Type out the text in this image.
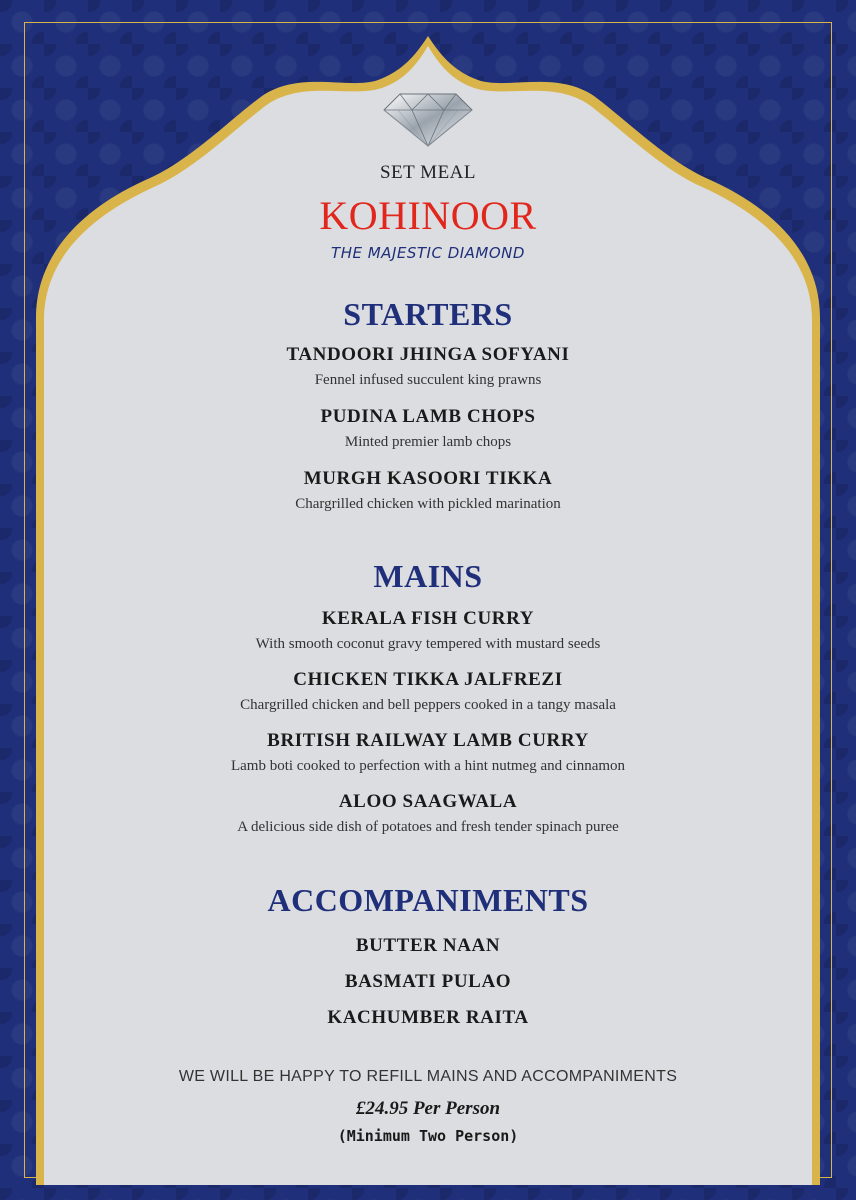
SET MEAL
KOHINOOR
THE MAJESTIC DIAMOND
STARTERS
TANDOORI JHINGA SOFYANI
Fennel infused succulent king prawns
PUDINA LAMB CHOPS
Minted premier lamb chops
MURGH KASOORI TIKKA
Chargrilled chicken with pickled marination
MAINS
KERALA FISH CURRY
With smooth coconut gravy tempered with mustard seeds
CHICKEN TIKKA JALFREZI
Chargrilled chicken and bell peppers cooked in a tangy masala
BRITISH RAILWAY LAMB CURRY
Lamb boti cooked to perfection with a hint nutmeg and cinnamon
ALOO SAAGWALA
A delicious side dish of potatoes and fresh tender spinach puree
ACCOMPANIMENTS
BUTTER NAAN
BASMATI PULAO
KACHUMBER RAITA
WE WILL BE HAPPY TO REFILL MAINS AND ACCOMPANIMENTS
£24.95 Per Person
(Minimum Two Person)
